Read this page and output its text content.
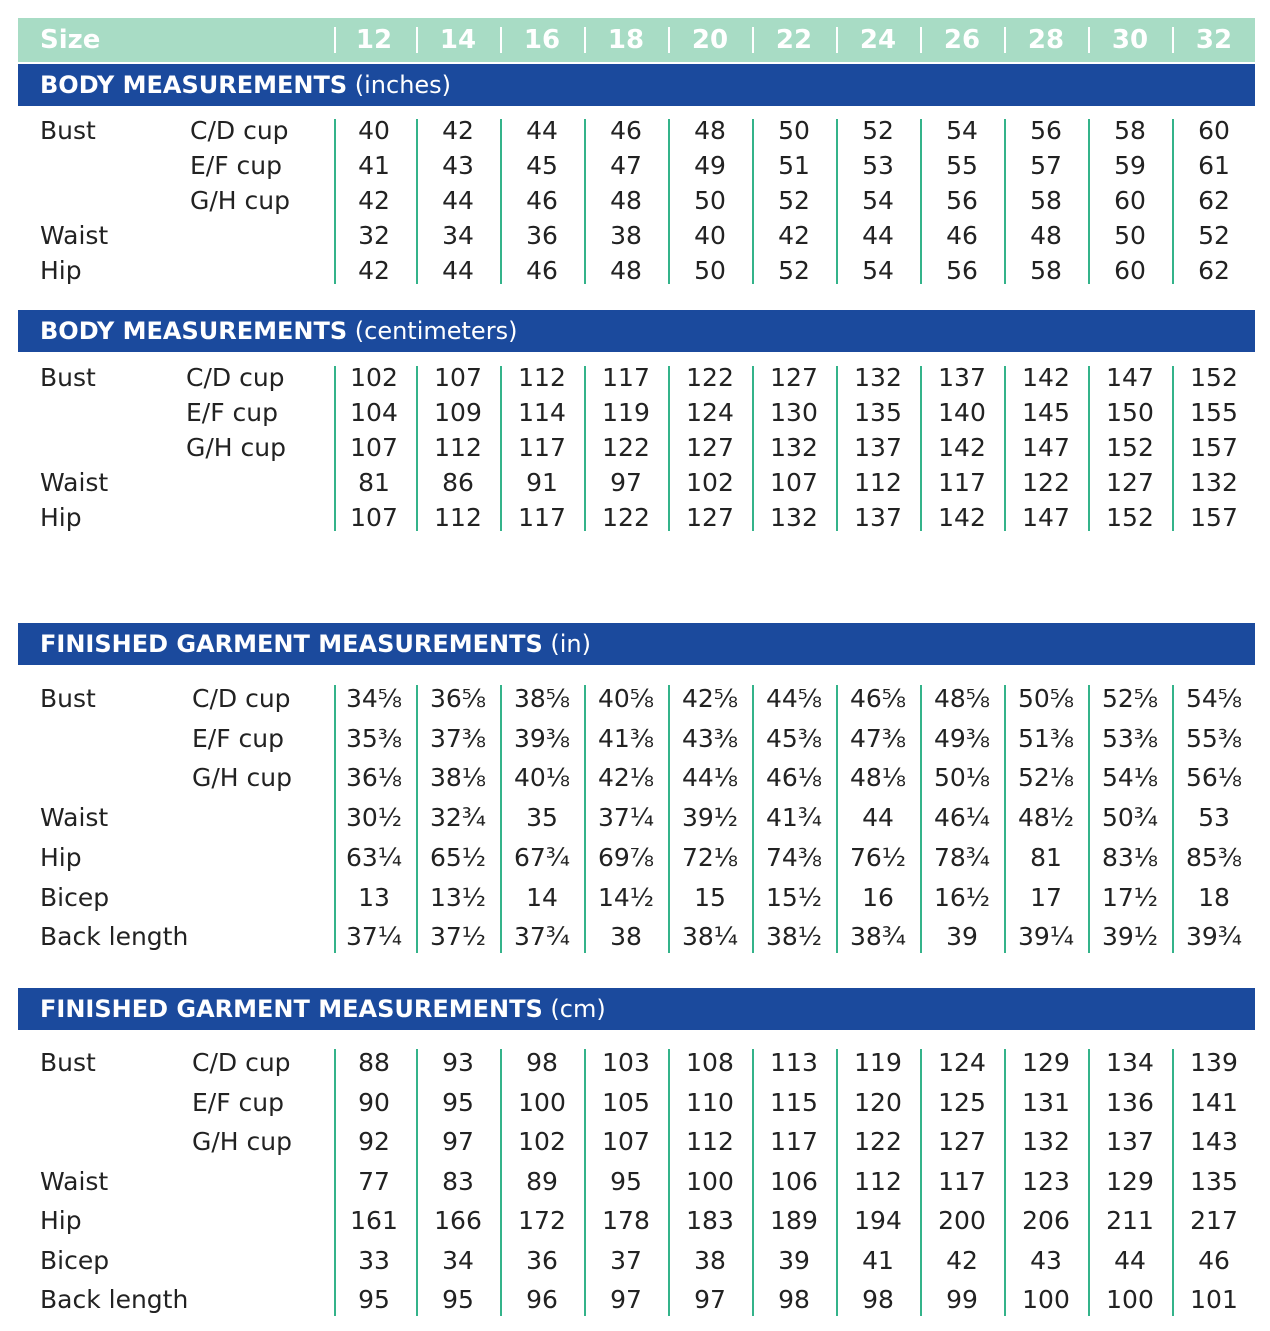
Size	12	14	16	18	20	22	24	26	28	30	32
BODY MEASUREMENTS (inches)
Bust	C/D cup	40	42	44	46	48	50	52	54	56	58	60
E/F cup	41	43	45	47	49	51	53	55	57	59	61
G/H cup	42	44	46	48	50	52	54	56	58	60	62
Waist	32	34	36	38	40	42	44	46	48	50	52
Hip	42	44	46	48	50	52	54	56	58	60	62
BODY MEASUREMENTS (centimeters)
Bust	C/D cup	102	107	112	117	122	127	132	137	142	147	152
E/F cup	104	109	114	119	124	130	135	140	145	150	155
G/H cup	107	112	117	122	127	132	137	142	147	152	157
Waist	81	86	91	97	102	107	112	117	122	127	132
Hip	107	112	117	122	127	132	137	142	147	152	157
FINISHED GARMENT MEASUREMENTS (in)
Bust	C/D cup	34⅝	36⅝	38⅝	40⅝	42⅝	44⅝	46⅝	48⅝	50⅝	52⅝	54⅝
E/F cup	35⅜	37⅜	39⅜	41⅜	43⅜	45⅜	47⅜	49⅜	51⅜	53⅜	55⅜
G/H cup	36⅛	38⅛	40⅛	42⅛	44⅛	46⅛	48⅛	50⅛	52⅛	54⅛	56⅛
Waist	30½	32¾	35	37¼	39½	41¾	44	46¼	48½	50¾	53
Hip	63¼	65½	67¾	69⅞	72⅛	74⅜	76½	78¾	81	83⅛	85⅜
Bicep	13	13½	14	14½	15	15½	16	16½	17	17½	18
Back length	37¼	37½	37¾	38	38¼	38½	38¾	39	39¼	39½	39¾
FINISHED GARMENT MEASUREMENTS (cm)
Bust	C/D cup	88	93	98	103	108	113	119	124	129	134	139
E/F cup	90	95	100	105	110	115	120	125	131	136	141
G/H cup	92	97	102	107	112	117	122	127	132	137	143
Waist	77	83	89	95	100	106	112	117	123	129	135
Hip	161	166	172	178	183	189	194	200	206	211	217
Bicep	33	34	36	37	38	39	41	42	43	44	46
Back length	95	95	96	97	97	98	98	99	100	100	101
